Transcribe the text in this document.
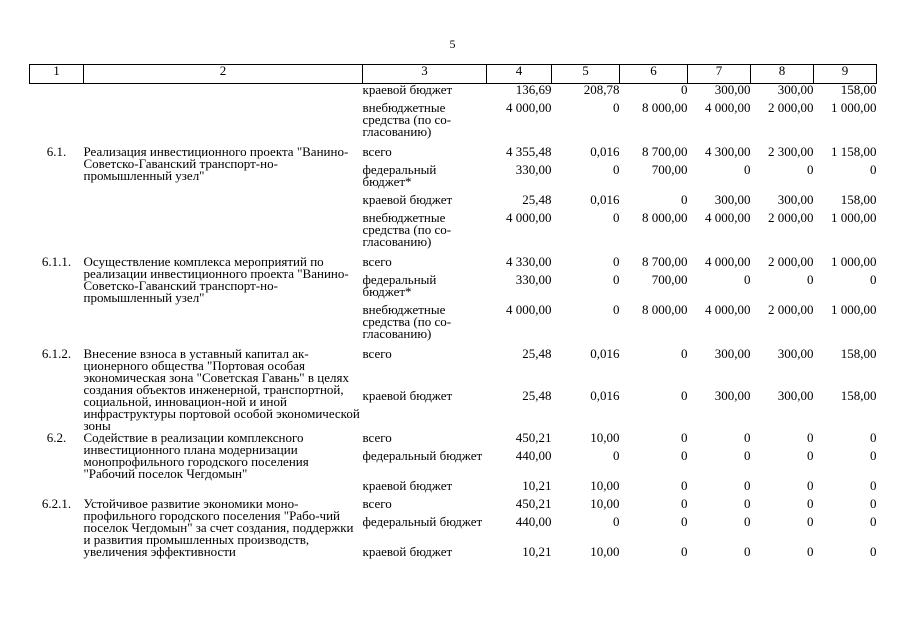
5
1	2	3	4	5	6	7	8	9
		краевой бюджет	136,69	208,78	0	300,00	300,00	158,00
		внебюджетные средства (по со-гласованию)	4 000,00	0	8 000,00	4 000,00	2 000,00	1 000,00
6.1.	Реализация инвестиционного проекта "Ванино-Советско-Гаванский транспорт-но-промышленный узел"	всего	4 355,48	0,016	8 700,00	4 300,00	2 300,00	1 158,00
		федеральный бюджет*	330,00	0	700,00	0	0	0
		краевой бюджет	25,48	0,016	0	300,00	300,00	158,00
		внебюджетные средства (по со-гласованию)	4 000,00	0	8 000,00	4 000,00	2 000,00	1 000,00
6.1.1.	Осуществление комплекса мероприятий по реализации инвестиционного проекта "Ванино-Советско-Гаванский транспорт-но-промышленный узел"	всего	4 330,00	0	8 700,00	4 000,00	2 000,00	1 000,00
		федеральный бюджет*	330,00	0	700,00	0	0	0
		внебюджетные средства (по со-гласованию)	4 000,00	0	8 000,00	4 000,00	2 000,00	1 000,00
6.1.2.	Внесение взноса в уставный капитал ак-ционерного общества "Портовая особая экономическая зона "Советская Гавань" в целях создания объектов инженерной, транспортной, социальной, инновацион-ной и иной инфраструктуры портовой особой экономической зоны	всего	25,48	0,016	0	300,00	300,00	158,00
		краевой бюджет	25,48	0,016	0	300,00	300,00	158,00
6.2.	Содействие в реализации комплексного инвестиционного плана модернизации монопрофильного городского поселения "Рабочий поселок Чегдомын"	всего	450,21	10,00	0	0	0	0
		федеральный бюджет	440,00	0	0	0	0	0
		краевой бюджет	10,21	10,00	0	0	0	0
6.2.1.	Устойчивое развитие экономики моно-профильного городского поселения "Рабо-чий поселок Чегдомын" за счет создания, поддержки и развития промышленных производств, увеличения эффективности	всего	450,21	10,00	0	0	0	0
		федеральный бюджет	440,00	0	0	0	0	0
		краевой бюджет	10,21	10,00	0	0	0	0
